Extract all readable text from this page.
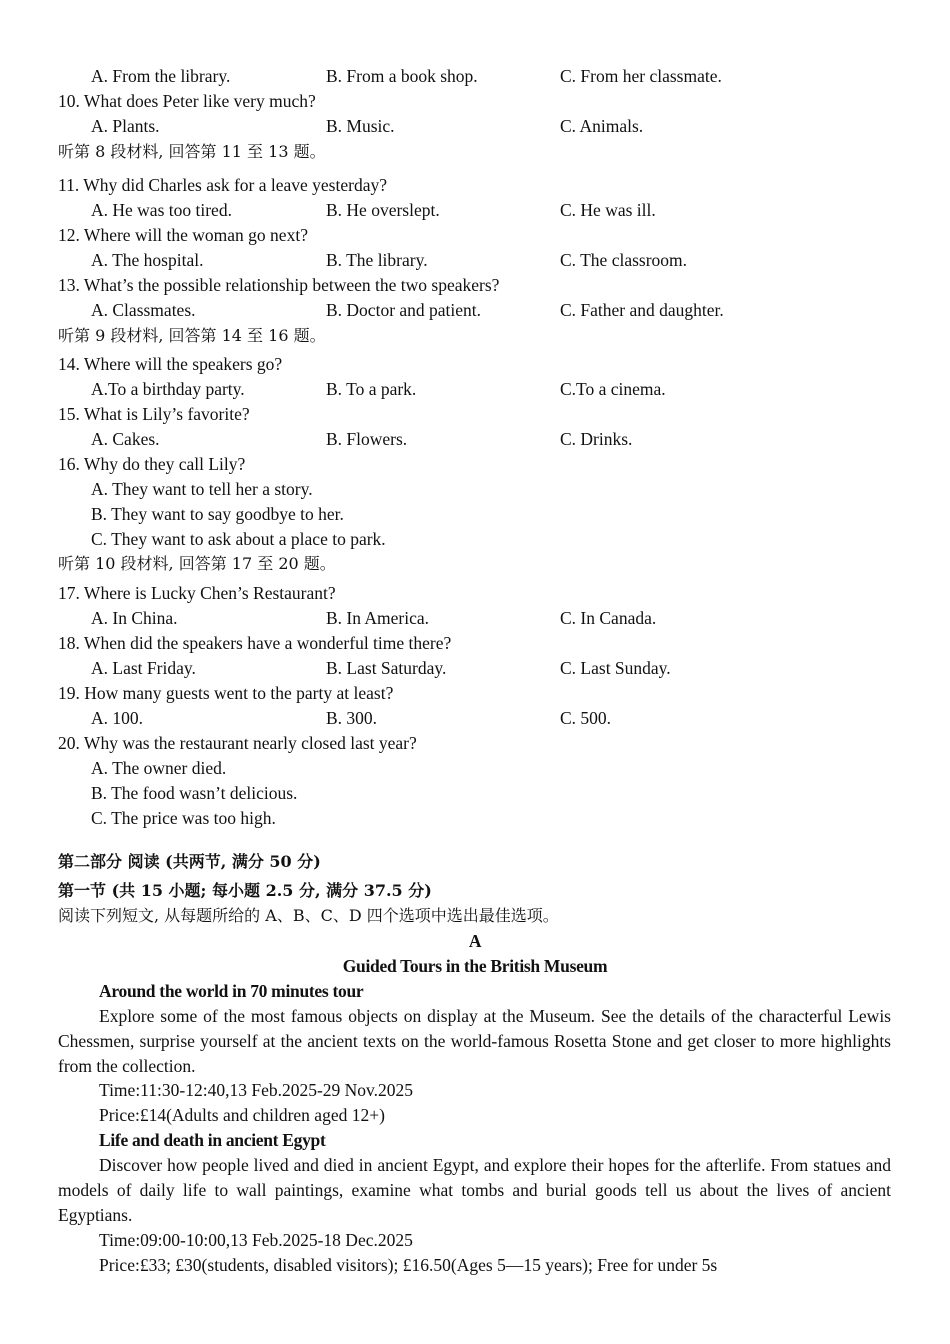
A. From the library.	B. From a book shop.	C. From her classmate.
10. What does Peter like very much?
A. Plants.	B. Music.	C. Animals.
听第 8 段材料, 回答第 11 至 13 题。
11. Why did Charles ask for a leave yesterday?
A. He was too tired.	B. He overslept.	C. He was ill.
12. Where will the woman go next?
A. The hospital.	B. The library.	C. The classroom.
13. What’s the possible relationship between the two speakers?
A. Classmates.	B. Doctor and patient.	C. Father and daughter.
听第 9 段材料, 回答第 14 至 16 题。
14. Where will the speakers go?
A.To a birthday party.	B. To a park.	C.To a cinema.
15. What is Lily’s favorite?
A. Cakes.	B. Flowers.	C. Drinks.
16. Why do they call Lily?
A. They want to tell her a story.
B. They want to say goodbye to her.
C. They want to ask about a place to park.
听第 10 段材料, 回答第 17 至 20 题。
17. Where is Lucky Chen’s Restaurant?
A. In China.	B. In America.	C. In Canada.
18. When did the speakers have a wonderful time there?
A. Last Friday.	B. Last Saturday.	C. Last Sunday.
19. How many guests went to the party at least?
A. 100.	B. 300.	C. 500.
20. Why was the restaurant nearly closed last year?
A. The owner died.
B. The food wasn’t delicious.
C. The price was too high.
第二部分 阅读 (共两节, 满分 50 分)
第一节 (共 15 小题; 每小题 2.5 分, 满分 37.5 分)
阅读下列短文, 从每题所给的 A、B、C、D 四个选项中选出最佳选项。
A
Guided Tours in the British Museum
Around the world in 70 minutes tour
Explore some of the most famous objects on display at the Museum. See the details of the characterful Lewis Chessmen, surprise yourself at the ancient texts on the world-famous Rosetta Stone and get closer to more highlights from the collection.
Time:11:30-12:40,13 Feb.2025-29 Nov.2025
Price:£14(Adults and children aged 12+)
Life and death in ancient Egypt
Discover how people lived and died in ancient Egypt, and explore their hopes for the afterlife. From statues and models of daily life to wall paintings, examine what tombs and burial goods tell us about the lives of ancient Egyptians.
Time:09:00-10:00,13 Feb.2025-18 Dec.2025
Price:£33; £30(students, disabled visitors); £16.50(Ages 5—15 years); Free for under 5s
